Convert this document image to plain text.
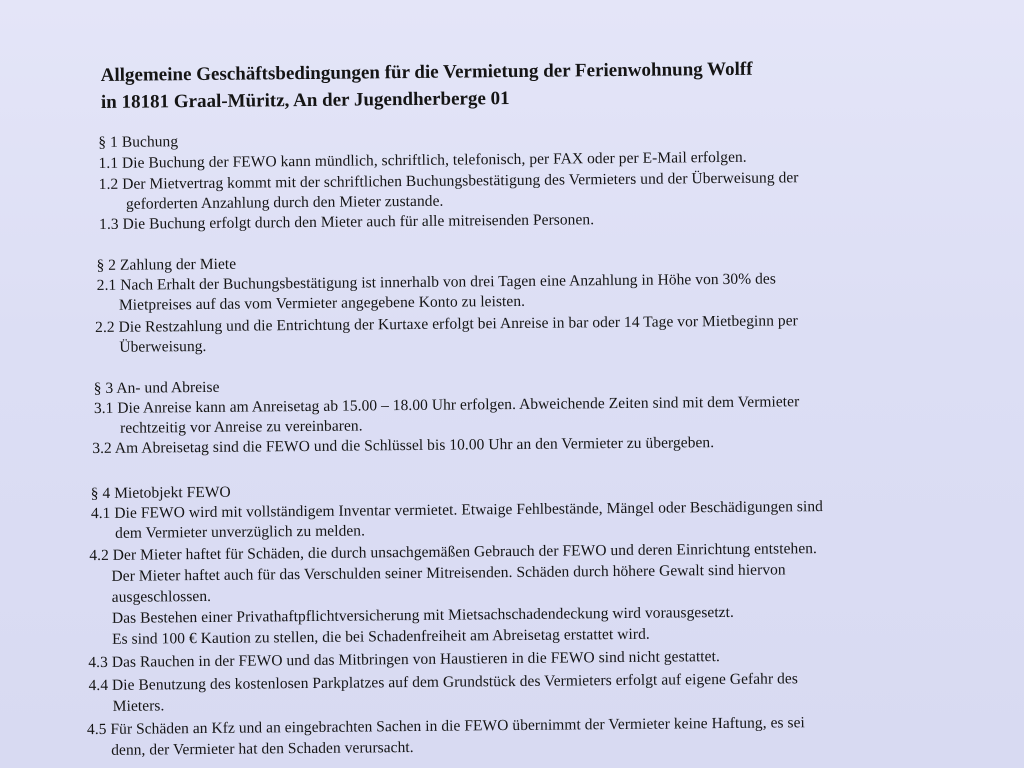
Allgemeine Geschäftsbedingungen für die Vermietung der Ferienwohnung Wolff
in 18181 Graal-Müritz, An der Jugendherberge 01
§ 1 Buchung
1.1 Die Buchung der FEWO kann mündlich, schriftlich, telefonisch, per FAX oder per E-Mail erfolgen.
1.2 Der Mietvertrag kommt mit der schriftlichen Buchungsbestätigung des Vermieters und der Überweisung der
geforderten Anzahlung durch den Mieter zustande.
1.3 Die Buchung erfolgt durch den Mieter auch für alle mitreisenden Personen.
§ 2 Zahlung der Miete
2.1 Nach Erhalt der Buchungsbestätigung ist innerhalb von drei Tagen eine Anzahlung in Höhe von 30% des
Mietpreises auf das vom Vermieter angegebene Konto zu leisten.
2.2 Die Restzahlung und die Entrichtung der Kurtaxe erfolgt bei Anreise in bar oder 14 Tage vor Mietbeginn per
Überweisung.
§ 3 An- und Abreise
3.1 Die Anreise kann am Anreisetag ab 15.00 – 18.00 Uhr erfolgen. Abweichende Zeiten sind mit dem Vermieter
rechtzeitig vor Anreise zu vereinbaren.
3.2 Am Abreisetag sind die FEWO und die Schlüssel bis 10.00 Uhr an den Vermieter zu übergeben.
§ 4 Mietobjekt FEWO
4.1 Die FEWO wird mit vollständigem Inventar vermietet. Etwaige Fehlbestände, Mängel oder Beschädigungen sind
dem Vermieter unverzüglich zu melden.
4.2 Der Mieter haftet für Schäden, die durch unsachgemäßen Gebrauch der FEWO und deren Einrichtung entstehen.
Der Mieter haftet auch für das Verschulden seiner Mitreisenden. Schäden durch höhere Gewalt sind hiervon
ausgeschlossen.
Das Bestehen einer Privathaftpflichtversicherung mit Mietsachschadendeckung wird vorausgesetzt.
Es sind 100 € Kaution zu stellen, die bei Schadenfreiheit am Abreisetag erstattet wird.
4.3 Das Rauchen in der FEWO und das Mitbringen von Haustieren in die FEWO sind nicht gestattet.
4.4 Die Benutzung des kostenlosen Parkplatzes auf dem Grundstück des Vermieters erfolgt auf eigene Gefahr des
Mieters.
4.5 Für Schäden an Kfz und an eingebrachten Sachen in die FEWO übernimmt der Vermieter keine Haftung, es sei
denn, der Vermieter hat den Schaden verursacht.
